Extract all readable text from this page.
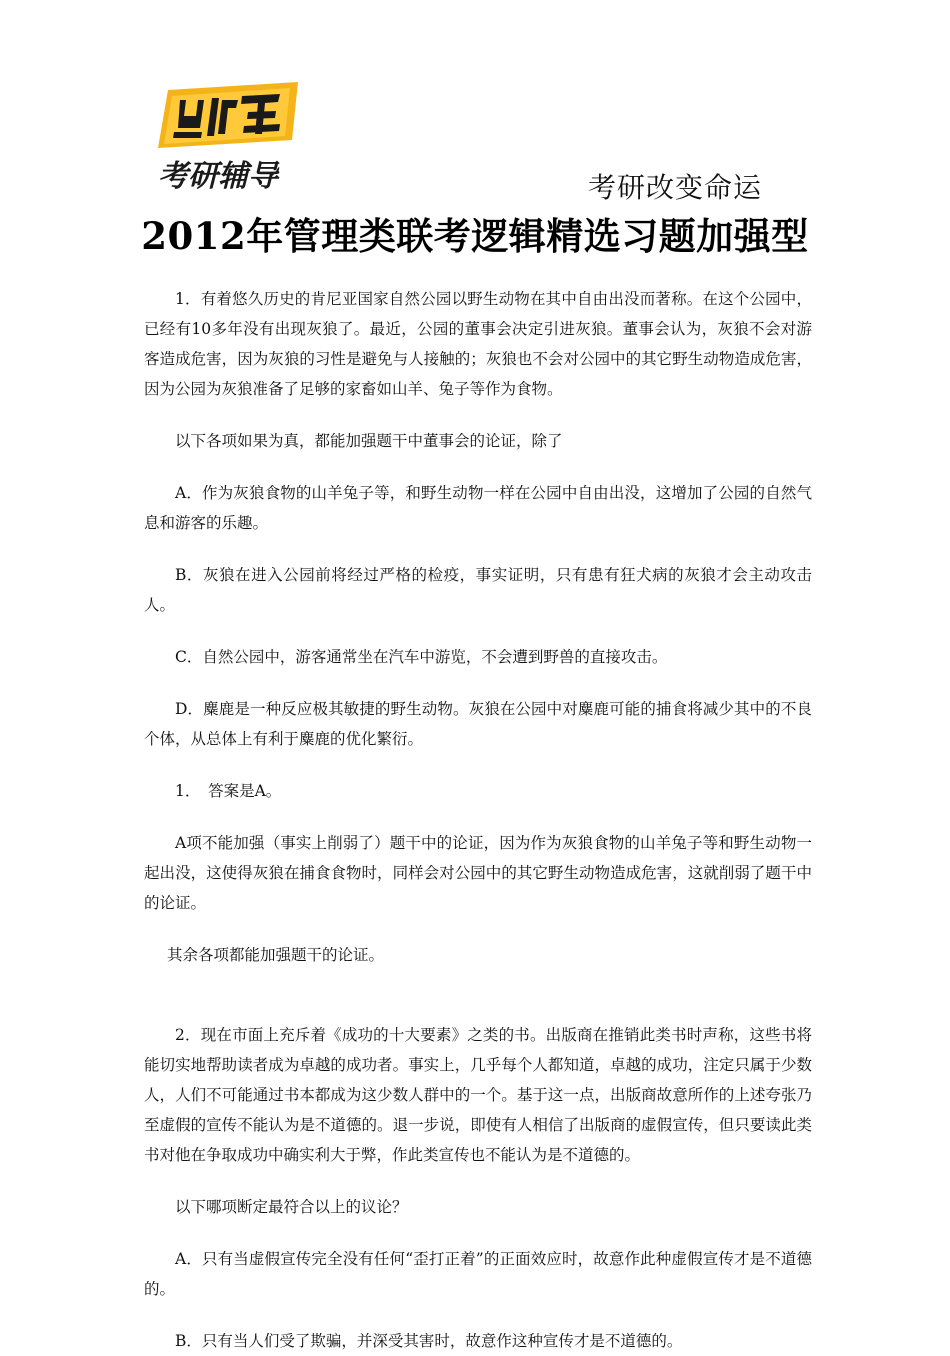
考研辅导	考研改变命运
2012年管理类联考逻辑精选习题加强型

1．有着悠久历史的肯尼亚国家自然公园以野生动物在其中自由出没而著称。在这个公园中，已经有10多年没有出现灰狼了。最近，公园的董事会决定引进灰狼。董事会认为，灰狼不会对游客造成危害，因为灰狼的习性是避免与人接触的；灰狼也不会对公园中的其它野生动物造成危害，因为公园为灰狼准备了足够的家畜如山羊、兔子等作为食物。

以下各项如果为真，都能加强题干中董事会的论证，除了

A．作为灰狼食物的山羊兔子等，和野生动物一样在公园中自由出没，这增加了公园的自然气息和游客的乐趣。

B．灰狼在进入公园前将经过严格的检疫，事实证明，只有患有狂犬病的灰狼才会主动攻击人。

C．自然公园中，游客通常坐在汽车中游览，不会遭到野兽的直接攻击。

D．麋鹿是一种反应极其敏捷的野生动物。灰狼在公园中对麋鹿可能的捕食将减少其中的不良个体，从总体上有利于麋鹿的优化繁衍。

1．　答案是A。

A项不能加强（事实上削弱了）题干中的论证，因为作为灰狼食物的山羊兔子等和野生动物一起出没，这使得灰狼在捕食食物时，同样会对公园中的其它野生动物造成危害，这就削弱了题干中的论证。

其余各项都能加强题干的论证。

2．现在市面上充斥着《成功的十大要素》之类的书。出版商在推销此类书时声称，这些书将能切实地帮助读者成为卓越的成功者。事实上，几乎每个人都知道，卓越的成功，注定只属于少数人，人们不可能通过书本都成为这少数人群中的一个。基于这一点，出版商故意所作的上述夸张乃至虚假的宣传不能认为是不道德的。退一步说，即使有人相信了出版商的虚假宣传，但只要读此类书对他在争取成功中确实利大于弊，作此类宣传也不能认为是不道德的。

以下哪项断定最符合以上的议论？

A．只有当虚假宣传完全没有任何“歪打正着”的正面效应时，故意作此种虚假宣传才是不道德的。

B．只有当人们受了欺骗，并深受其害时，故意作这种宣传才是不道德的。
